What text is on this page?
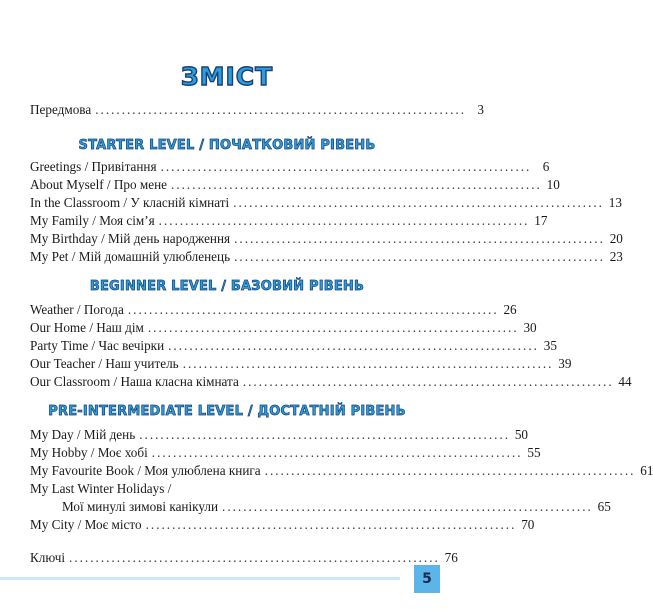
ЗМІСТ
Передмова ...................................................................... 3
STARTER LEVEL / ПОЧАТКОВИЙ РІВЕНЬ
Greetings / Привітання ...................................................................... 6
About Myself / Про мене ...................................................................... 10
In the Classroom / У класній кімнаті ...................................................................... 13
My Family / Моя сім’я ...................................................................... 17
My Birthday / Мій день народження ...................................................................... 20
My Pet / Мій домашній улюбленець ...................................................................... 23
BEGINNER LEVEL / БАЗОВИЙ РІВЕНЬ
Weather / Погода ...................................................................... 26
Our Home / Наш дім ...................................................................... 30
Party Time / Час вечірки ...................................................................... 35
Our Teacher / Наш учитель ...................................................................... 39
Our Classroom / Наша класна кімната ...................................................................... 44
PRE-INTERMEDIATE LEVEL / ДОСТАТНІЙ РІВЕНЬ
My Day / Мій день ...................................................................... 50
My Hobby / Моє хобі ...................................................................... 55
My Favourite Book / Моя улюблена книга ...................................................................... 61
My Last Winter Holidays /
Мої минулі зимові канікули ...................................................................... 65
My City / Моє місто ...................................................................... 70
Ключі ...................................................................... 76
5
